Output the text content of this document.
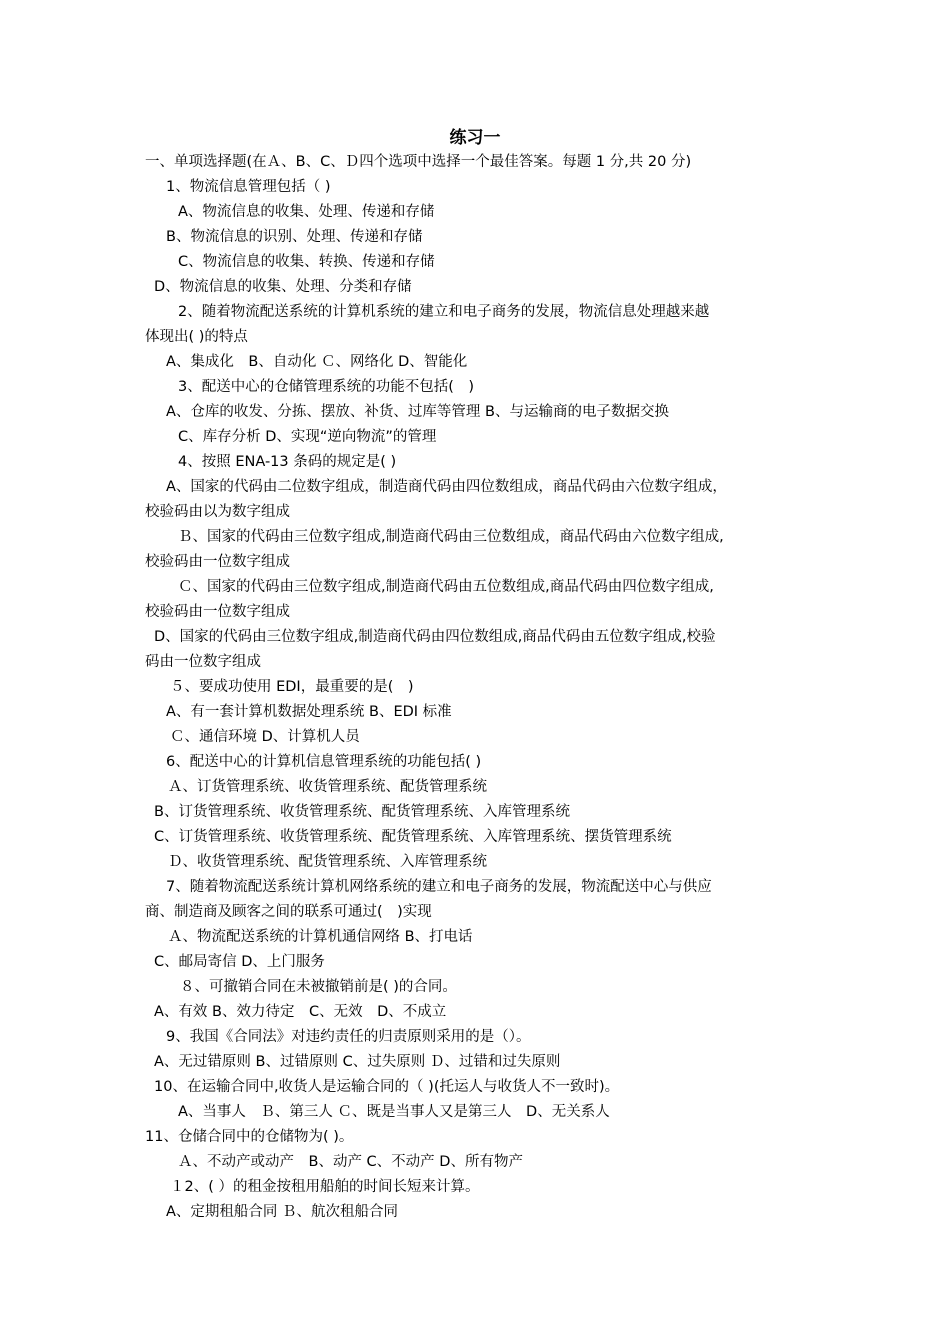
练习一
一、单项选择题(在Ａ、B、C、Ｄ四个选项中选择一个最佳答案。每题 1 分,共 20 分)
1、物流信息管理包括（ )
A、物流信息的收集、处理、传递和存储
B、物流信息的识别、处理、传递和存储
C、物流信息的收集、转换、传递和存储
D、物流信息的收集、处理、分类和存储
2、随着物流配送系统的计算机系统的建立和电子商务的发展，物流信息处理越来越
体现出( )的特点
A、集成化　B、自动化 Ｃ、网络化 D、智能化
3、配送中心的仓储管理系统的功能不包括(　)
A、仓库的收发、分拣、摆放、补货、过库等管理 B、与运输商的电子数据交换
C、库存分析 D、实现“逆向物流”的管理
4、按照 ENA-13 条码的规定是( )
A、国家的代码由二位数字组成，制造商代码由四位数组成，商品代码由六位数字组成，
校验码由以为数字组成
Ｂ、国家的代码由三位数字组成,制造商代码由三位数组成，商品代码由六位数字组成,
校验码由一位数字组成
Ｃ、国家的代码由三位数字组成,制造商代码由五位数组成,商品代码由四位数字组成,
校验码由一位数字组成
D、国家的代码由三位数字组成,制造商代码由四位数组成,商品代码由五位数字组成,校验
码由一位数字组成
５、要成功使用 EDI，最重要的是(　)
A、有一套计算机数据处理系统 B、EDI 标准
Ｃ、通信环境 D、计算机人员
6、配送中心的计算机信息管理系统的功能包括( )
Ａ、订货管理系统、收货管理系统、配货管理系统
B、订货管理系统、收货管理系统、配货管理系统、入库管理系统
C、订货管理系统、收货管理系统、配货管理系统、入库管理系统、摆货管理系统
Ｄ、收货管理系统、配货管理系统、入库管理系统
7、随着物流配送系统计算机网络系统的建立和电子商务的发展，物流配送中心与供应
商、制造商及顾客之间的联系可通过(　)实现
Ａ、物流配送系统的计算机通信网络 B、打电话
C、邮局寄信 D、上门服务
８、可撤销合同在未被撤销前是( )的合同。
A、有效 B、效力待定　C、无效　D、不成立
9、我国《合同法》对违约责任的归责原则采用的是（）。
A、无过错原则 B、过错原则 C、过失原则 Ｄ、过错和过失原则
10、在运输合同中,收货人是运输合同的（ )(托运人与收货人不一致时)。
A、当事人　Ｂ、第三人 Ｃ、既是当事人又是第三人　D、无关系人
11、仓储合同中的仓储物为( )。
Ａ、不动产或动产　B、动产 C、不动产 D、所有物产
１2、( ）的租金按租用船舶的时间长短来计算。
A、定期租船合同 Ｂ、航次租船合同
